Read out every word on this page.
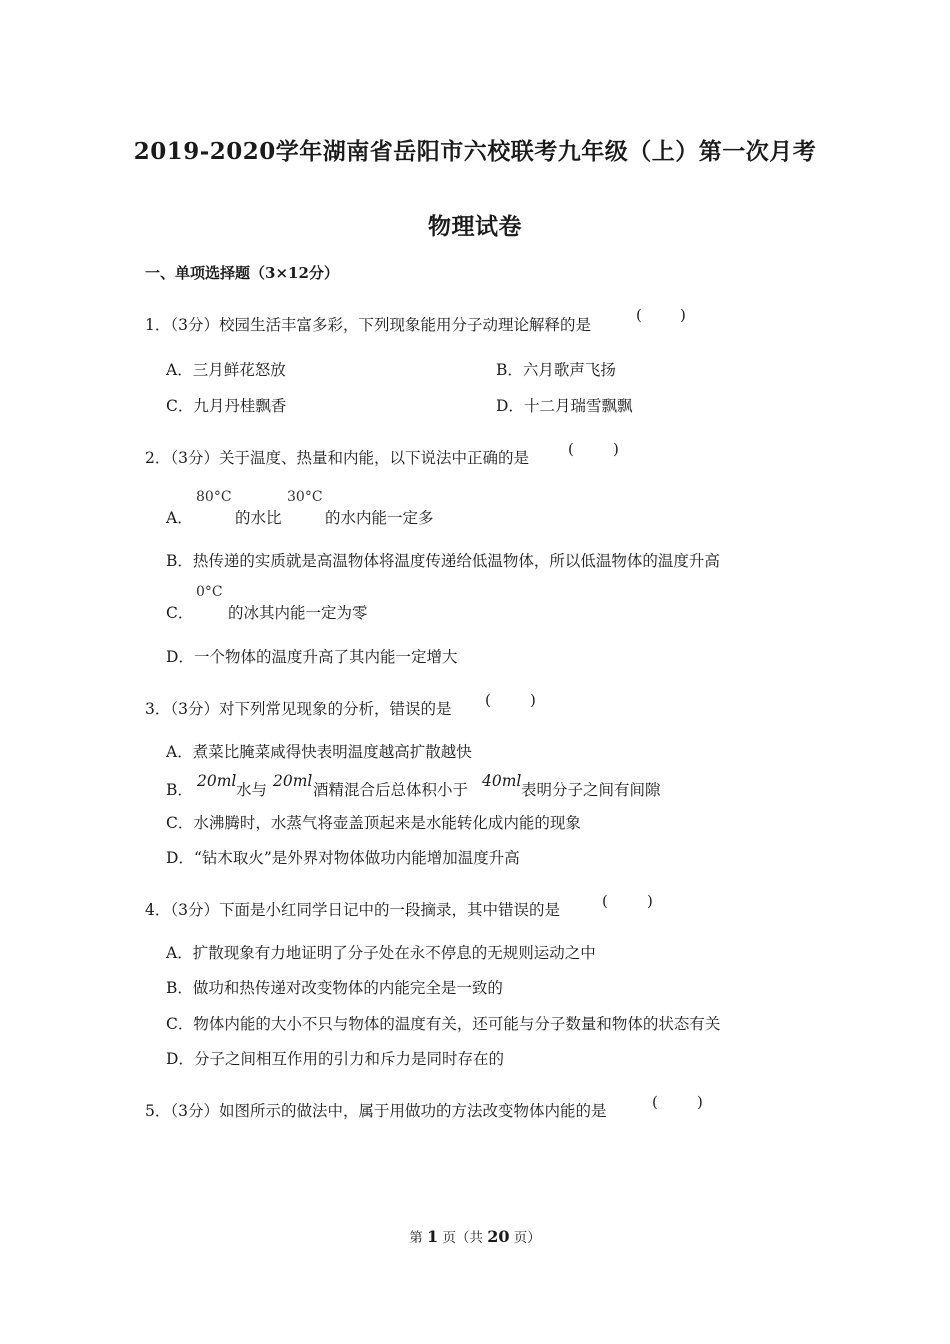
2019-2020学年湖南省岳阳市六校联考九年级（上）第一次月考
物理试卷
一、单项选择题（3×12分）
1．（3分）校园生活丰富多彩，下列现象能用分子动理论解释的是
(	)
A．三月鲜花怒放	B．六月歌声飞扬
C．九月丹桂飘香	D．十二月瑞雪飘飘
2．（3分）关于温度、热量和内能，以下说法中正确的是	(	)
A．
80°C
的水比
30°C
的水内能一定多
B．热传递的实质就是高温物体将温度传递给低温物体，所以低温物体的温度升高
C．
0°C
的冰其内能一定为零
D．一个物体的温度升高了其内能一定增大
3．（3分）对下列常见现象的分析，错误的是 (	)
A．煮菜比腌菜咸得快表明温度越高扩散越快
B． 20ml 水与 20ml 酒精混合后总体积小于 40ml 表明分子之间有间隙
C．水沸腾时，水蒸气将壶盖顶起来是水能转化成内能的现象
D．“钻木取火”是外界对物体做功内能增加温度升高
4．（3分）下面是小红同学日记中的一段摘录，其中错误的是	(	)
A．扩散现象有力地证明了分子处在永不停息的无规则运动之中
B．做功和热传递对改变物体的内能完全是一致的
C．物体内能的大小不只与物体的温度有关，还可能与分子数量和物体的状态有关
D．分子之间相互作用的引力和斥力是同时存在的
5．（3分）如图所示的做法中，属于用做功的方法改变物体内能的是	(	)
第 1 页（共 20 页）
